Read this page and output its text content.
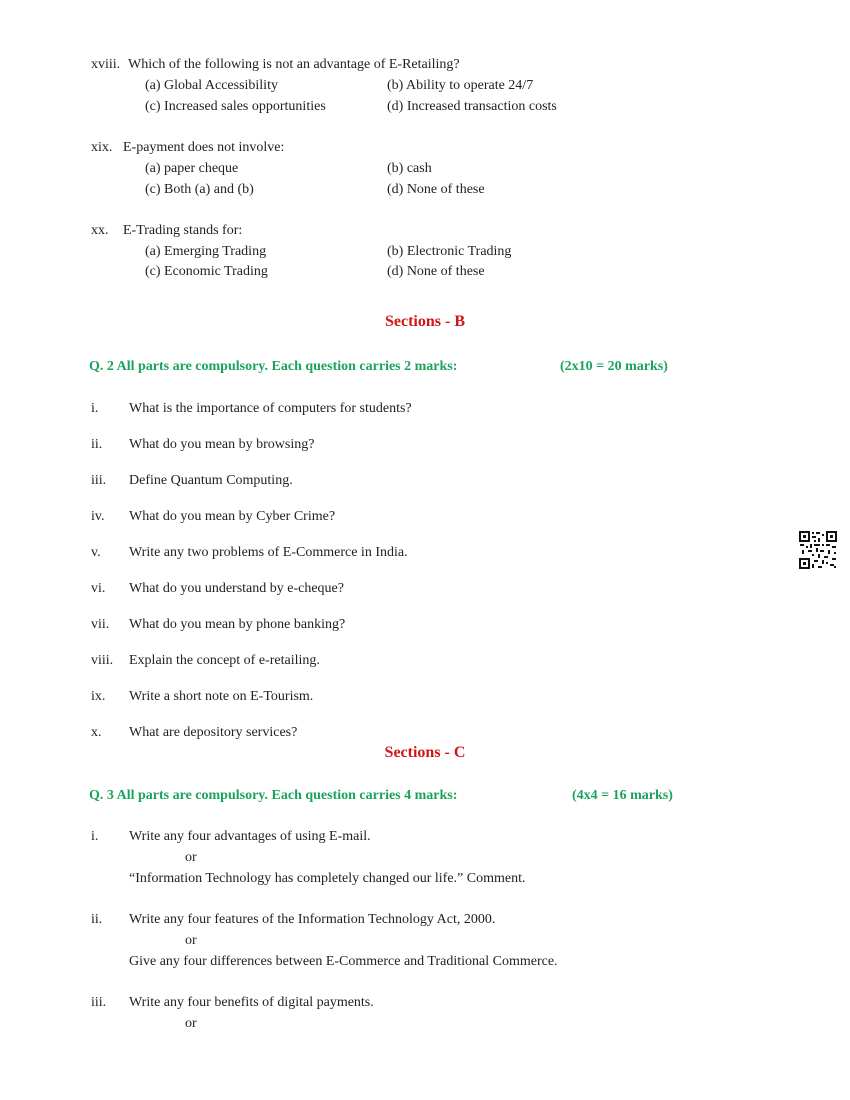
xviii. Which of the following is not an advantage of E-Retailing?
(a) Global Accessibility	(b) Ability to operate 24/7
(c) Increased sales opportunities	(d) Increased transaction costs
xix. E-payment does not involve:
(a) paper cheque	(b) cash
(c) Both (a) and (b)	(d) None of these
xx. E-Trading stands for:
(a) Emerging Trading	(b) Electronic Trading
(c) Economic Trading	(d) None of these
Sections - B
Q. 2 All parts are compulsory. Each question carries 2 marks:	(2x10 = 20 marks)
i. What is the importance of computers for students?
ii. What do you mean by browsing?
iii. Define Quantum Computing.
iv. What do you mean by Cyber Crime?
v. Write any two problems of E-Commerce in India.
vi. What do you understand by e-cheque?
vii. What do you mean by phone banking?
viii. Explain the concept of e-retailing.
ix. Write a short note on E-Tourism.
x. What are depository services?
Sections - C
Q. 3 All parts are compulsory. Each question carries 4 marks:	(4x4 = 16 marks)
i. Write any four advantages of using E-mail.
or
“Information Technology has completely changed our life.” Comment.
ii. Write any four features of the Information Technology Act, 2000.
or
Give any four differences between E-Commerce and Traditional Commerce.
iii. Write any four benefits of digital payments.
or
